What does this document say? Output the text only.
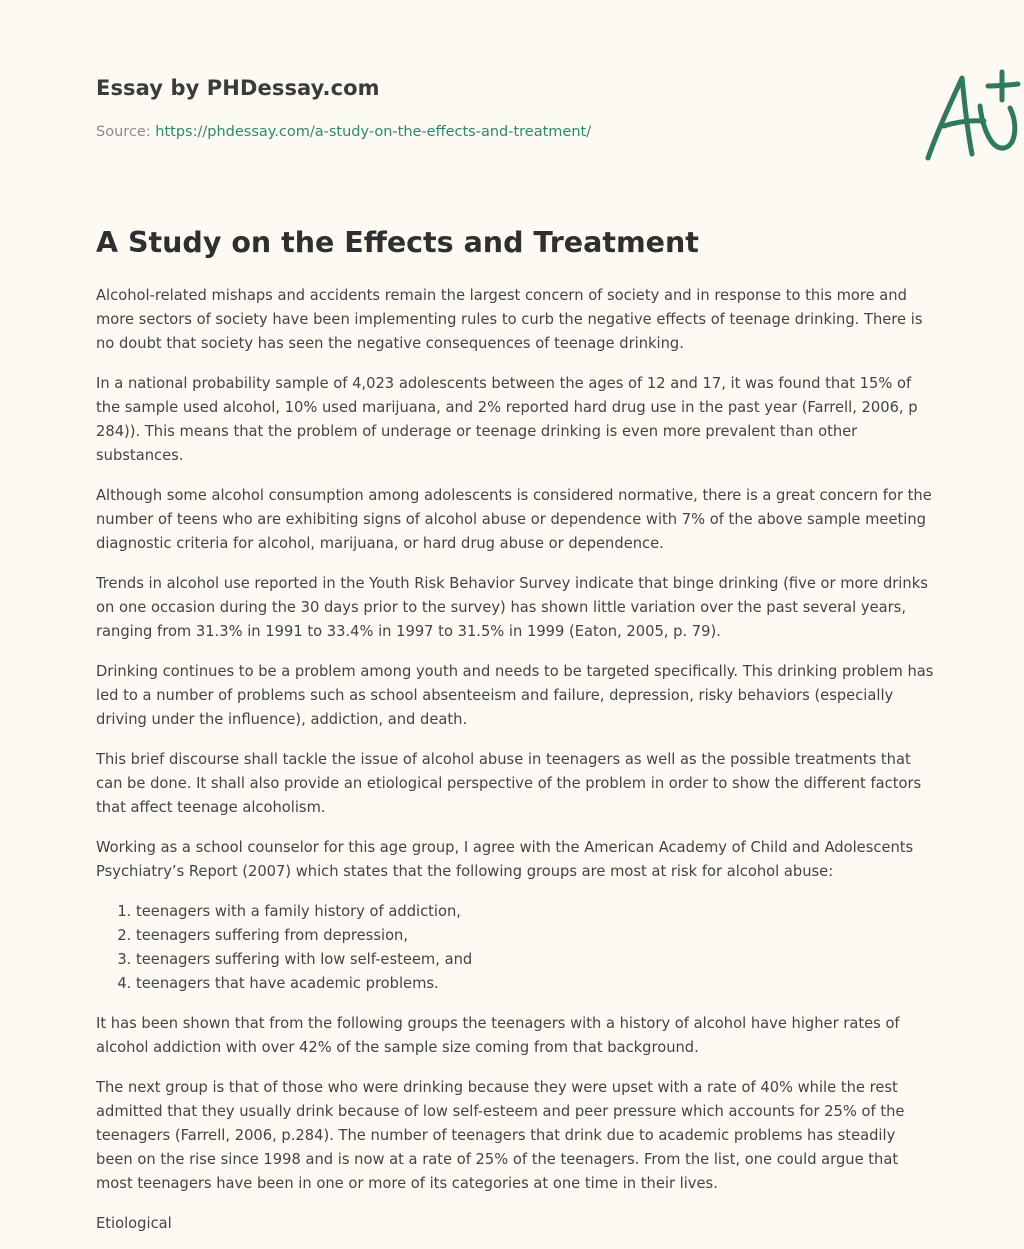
Essay by PHDessay.com
Source: https://phdessay.com/a-study-on-the-effects-and-treatment/
A Study on the Effects and Treatment

Alcohol-related mishaps and accidents remain the largest concern of society and in response to this more and more sectors of society have been implementing rules to curb the negative effects of teenage drinking. There is no doubt that society has seen the negative consequences of teenage drinking.

In a national probability sample of 4,023 adolescents between the ages of 12 and 17, it was found that 15% of the sample used alcohol, 10% used marijuana, and 2% reported hard drug use in the past year (Farrell, 2006, p 284)). This means that the problem of underage or teenage drinking is even more prevalent than other substances.

Although some alcohol consumption among adolescents is considered normative, there is a great concern for the number of teens who are exhibiting signs of alcohol abuse or dependence with 7% of the above sample meeting diagnostic criteria for alcohol, marijuana, or hard drug abuse or dependence.

Trends in alcohol use reported in the Youth Risk Behavior Survey indicate that binge drinking (five or more drinks on one occasion during the 30 days prior to the survey) has shown little variation over the past several years, ranging from 31.3% in 1991 to 33.4% in 1997 to 31.5% in 1999 (Eaton, 2005, p. 79).

Drinking continues to be a problem among youth and needs to be targeted specifically. This drinking problem has led to a number of problems such as school absenteeism and failure, depression, risky behaviors (especially driving under the influence), addiction, and death.

This brief discourse shall tackle the issue of alcohol abuse in teenagers as well as the possible treatments that can be done. It shall also provide an etiological perspective of the problem in order to show the different factors that affect teenage alcoholism.

Working as a school counselor for this age group, I agree with the American Academy of Child and Adolescents Psychiatry’s Report (2007) which states that the following groups are most at risk for alcohol abuse:

1. teenagers with a family history of addiction,
2. teenagers suffering from depression,
3. teenagers suffering with low self-esteem, and
4. teenagers that have academic problems.

It has been shown that from the following groups the teenagers with a history of alcohol have higher rates of alcohol addiction with over 42% of the sample size coming from that background.

The next group is that of those who were drinking because they were upset with a rate of 40% while the rest admitted that they usually drink because of low self-esteem and peer pressure which accounts for 25% of the teenagers (Farrell, 2006, p.284). The number of teenagers that drink due to academic problems has steadily been on the rise since 1998 and is now at a rate of 25% of the teenagers. From the list, one could argue that most teenagers have been in one or more of its categories at one time in their lives.

Etiological
